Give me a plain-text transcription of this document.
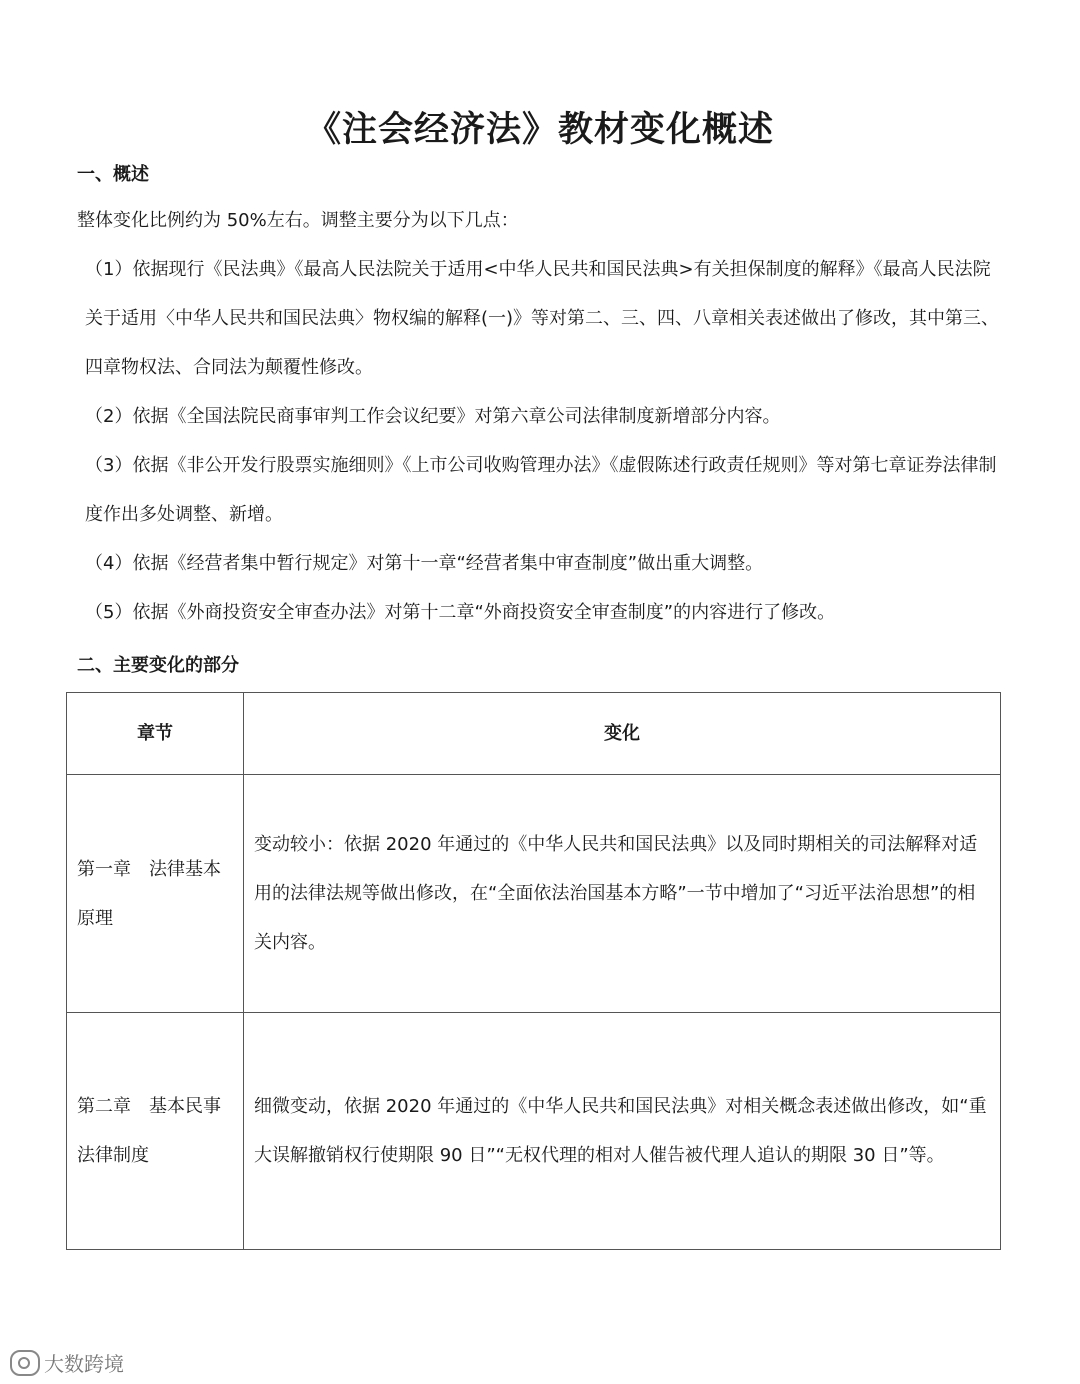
《注会经济法》教材变化概述
一、概述

整体变化比例约为 50%左右。调整主要分为以下几点：

（1）依据现行《民法典》《最高人民法院关于适用<中华人民共和国民法典>有关担保制度的解释》《最高人民法院关于适用〈中华人民共和国民法典〉物权编的解释(一)》等对第二、三、四、八章相关表述做出了修改，其中第三、四章物权法、合同法为颠覆性修改。

（2）依据《全国法院民商事审判工作会议纪要》对第六章公司法律制度新增部分内容。

（3）依据《非公开发行股票实施细则》《上市公司收购管理办法》《虚假陈述行政责任规则》等对第七章证券法律制度作出多处调整、新增。

（4）依据《经营者集中暂行规定》对第十一章“经营者集中审查制度”做出重大调整。

（5）依据《外商投资安全审查办法》对第十二章“外商投资安全审查制度”的内容进行了修改。

二、主要变化的部分
章节	变化
第一章　法律基本原理	变动较小：依据 2020 年通过的《中华人民共和国民法典》以及同时期相关的司法解释对适用的法律法规等做出修改，在“全面依法治国基本方略”一节中增加了“习近平法治思想”的相关内容。
第二章　基本民事法律制度	细微变动，依据 2020 年通过的《中华人民共和国民法典》对相关概念表述做出修改，如“重大误解撤销权行使期限 90 日”“无权代理的相对人催告被代理人追认的期限 30 日”等。
大数跨境
